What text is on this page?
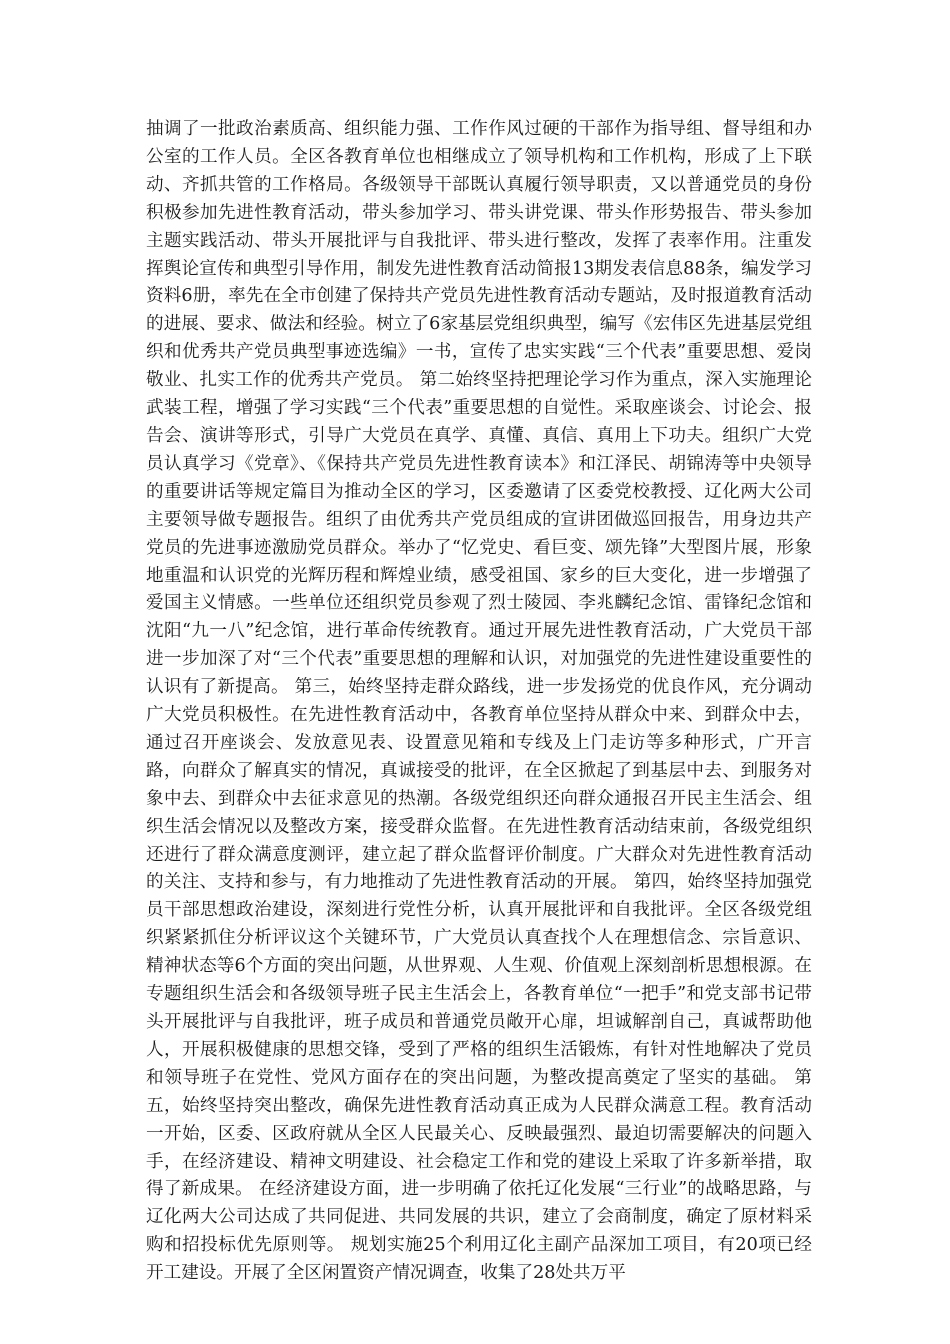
抽调了一批政治素质高、组织能力强、工作作风过硬的干部作为指导组、督导组和办公室的工作人员。全区各教育单位也相继成立了领导机构和工作机构，形成了上下联动、齐抓共管的工作格局。各级领导干部既认真履行领导职责，又以普通党员的身份积极参加先进性教育活动，带头参加学习、带头讲党课、带头作形势报告、带头参加主题实践活动、带头开展批评与自我批评、带头进行整改，发挥了表率作用。注重发挥舆论宣传和典型引导作用，制发先进性教育活动简报13期发表信息88条，编发学习资料6册，率先在全市创建了保持共产党员先进性教育活动专题站，及时报道教育活动的进展、要求、做法和经验。树立了6家基层党组织典型，编写《宏伟区先进基层党组织和优秀共产党员典型事迹选编》一书，宣传了忠实实践“三个代表”重要思想、爱岗敬业、扎实工作的优秀共产党员。 第二始终坚持把理论学习作为重点，深入实施理论武装工程，增强了学习实践“三个代表”重要思想的自觉性。采取座谈会、讨论会、报告会、演讲等形式，引导广大党员在真学、真懂、真信、真用上下功夫。组织广大党员认真学习《党章》、《保持共产党员先进性教育读本》和江泽民、胡锦涛等中央领导的重要讲话等规定篇目为推动全区的学习，区委邀请了区委党校教授、辽化两大公司主要领导做专题报告。组织了由优秀共产党员组成的宣讲团做巡回报告，用身边共产党员的先进事迹激励党员群众。举办了“忆党史、看巨变、颂先锋”大型图片展，形象地重温和认识党的光辉历程和辉煌业绩，感受祖国、家乡的巨大变化，进一步增强了爱国主义情感。一些单位还组织党员参观了烈士陵园、李兆麟纪念馆、雷锋纪念馆和沈阳“九一八”纪念馆，进行革命传统教育。通过开展先进性教育活动，广大党员干部进一步加深了对“三个代表”重要思想的理解和认识，对加强党的先进性建设重要性的认识有了新提高。 第三，始终坚持走群众路线，进一步发扬党的优良作风，充分调动广大党员积极性。在先进性教育活动中，各教育单位坚持从群众中来、到群众中去，通过召开座谈会、发放意见表、设置意见箱和专线及上门走访等多种形式，广开言路，向群众了解真实的情况，真诚接受的批评，在全区掀起了到基层中去、到服务对象中去、到群众中去征求意见的热潮。各级党组织还向群众通报召开民主生活会、组织生活会情况以及整改方案，接受群众监督。在先进性教育活动结束前，各级党组织还进行了群众满意度测评，建立起了群众监督评价制度。广大群众对先进性教育活动的关注、支持和参与，有力地推动了先进性教育活动的开展。 第四，始终坚持加强党员干部思想政治建设，深刻进行党性分析，认真开展批评和自我批评。全区各级党组织紧紧抓住分析评议这个关键环节，广大党员认真查找个人在理想信念、宗旨意识、精神状态等6个方面的突出问题，从世界观、人生观、价值观上深刻剖析思想根源。在专题组织生活会和各级领导班子民主生活会上，各教育单位“一把手”和党支部书记带头开展批评与自我批评，班子成员和普通党员敞开心扉，坦诚解剖自己，真诚帮助他人，开展积极健康的思想交锋，受到了严格的组织生活锻炼，有针对性地解决了党员和领导班子在党性、党风方面存在的突出问题，为整改提高奠定了坚实的基础。 第五，始终坚持突出整改，确保先进性教育活动真正成为人民群众满意工程。教育活动一开始，区委、区政府就从全区人民最关心、反映最强烈、最迫切需要解决的问题入手，在经济建设、精神文明建设、社会稳定工作和党的建设上采取了许多新举措，取得了新成果。 在经济建设方面，进一步明确了依托辽化发展“三行业”的战略思路，与辽化两大公司达成了共同促进、共同发展的共识，建立了会商制度，确定了原材料采购和招投标优先原则等。 规划实施25个利用辽化主副产品深加工项目，有20项已经开工建设。开展了全区闲置资产情况调查，收集了28处共万平
